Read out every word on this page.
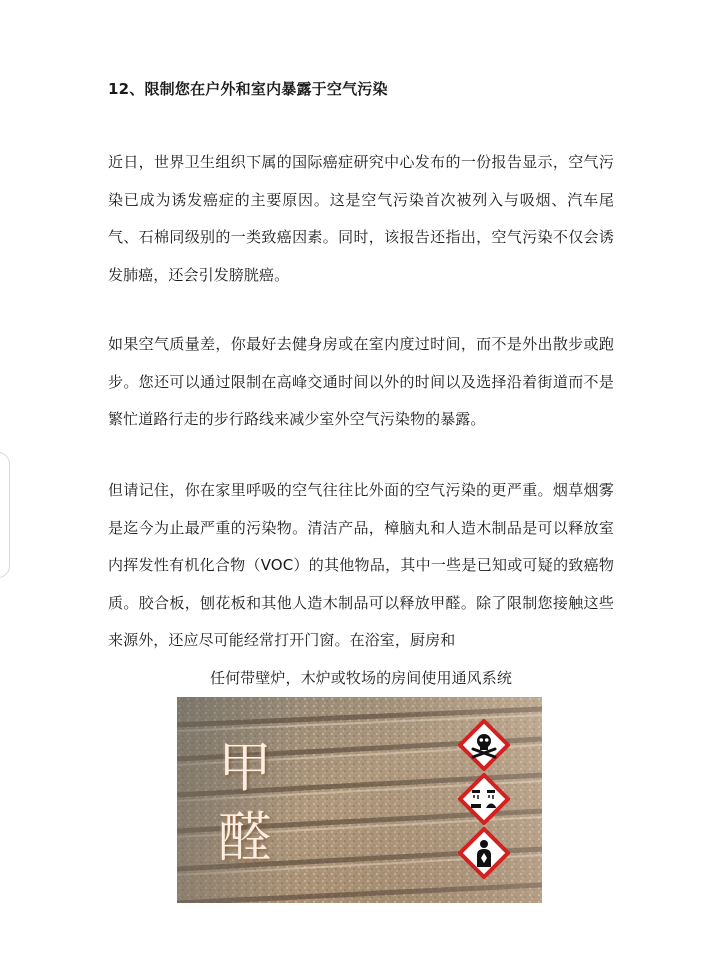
12、限制您在户外和室内暴露于空气污染

近日，世界卫生组织下属的国际癌症研究中心发布的一份报告显示，空气污染已成为诱发癌症的主要原因。这是空气污染首次被列入与吸烟、汽车尾气、石棉同级别的一类致癌因素。同时，该报告还指出，空气污染不仅会诱发肺癌，还会引发膀胱癌。

如果空气质量差，你最好去健身房或在室内度过时间，而不是外出散步或跑步。您还可以通过限制在高峰交通时间以外的时间以及选择沿着街道而不是繁忙道路行走的步行路线来减少室外空气污染物的暴露。

但请记住，你在家里呼吸的空气往往比外面的空气污染的更严重。烟草烟雾是迄今为止最严重的污染物。清洁产品，樟脑丸和人造木制品是可以释放室内挥发性有机化合物（VOC）的其他物品，其中一些是已知或可疑的致癌物质。胶合板，刨花板和其他人造木制品可以释放甲醛。除了限制您接触这些来源外，还应尽可能经常打开门窗。在浴室，厨房和

任何带壁炉，木炉或牧场的房间使用通风系统
甲
醛
